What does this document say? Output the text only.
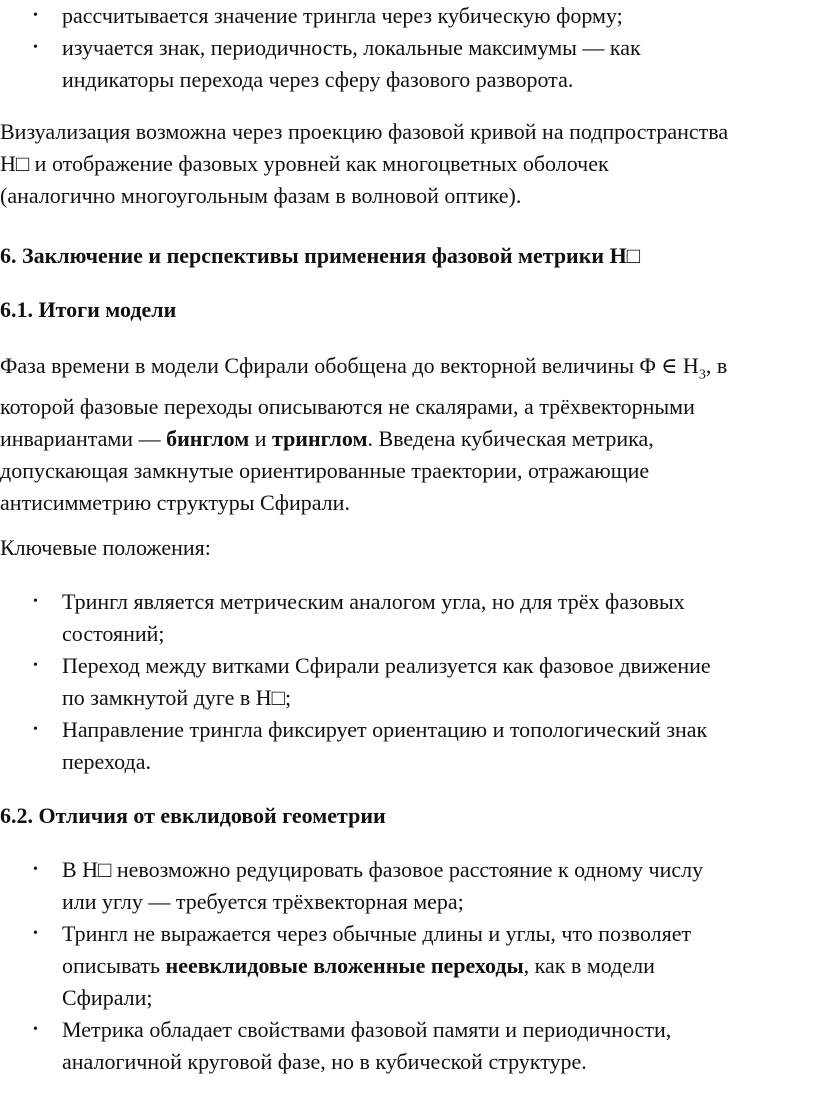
• рассчитывается значение трингла через кубическую форму;
• изучается знак, периодичность, локальные максимумы — как
индикаторы перехода через сферу фазового разворота.

Визуализация возможна через проекцию фазовой кривой на подпространства
H□ и отображение фазовых уровней как многоцветных оболочек
(аналогично многоугольным фазам в волновой оптике).

6. Заключение и перспективы применения фазовой метрики H□

6.1. Итоги модели

Фаза времени в модели Сфирали обобщена до векторной величины Φ ∈ $H_3$, в
которой фазовые переходы описываются не скалярами, а трёхвекторными
инвариантами — бинглом и тринглом. Введена кубическая метрика,
допускающая замкнутые ориентированные траектории, отражающие
антисимметрию структуры Сфирали.

Ключевые положения:

• Трингл является метрическим аналогом угла, но для трёх фазовых
состояний;
• Переход между витками Сфирали реализуется как фазовое движение
по замкнутой дуге в H□;
• Направление трингла фиксирует ориентацию и топологический знак
перехода.

6.2. Отличия от евклидовой геометрии

• В H□ невозможно редуцировать фазовое расстояние к одному числу
или углу — требуется трёхвекторная мера;
• Трингл не выражается через обычные длины и углы, что позволяет
описывать неевклидовые вложенные переходы, как в модели
Сфирали;
• Метрика обладает свойствами фазовой памяти и периодичности,
аналогичной круговой фазе, но в кубической структуре.
